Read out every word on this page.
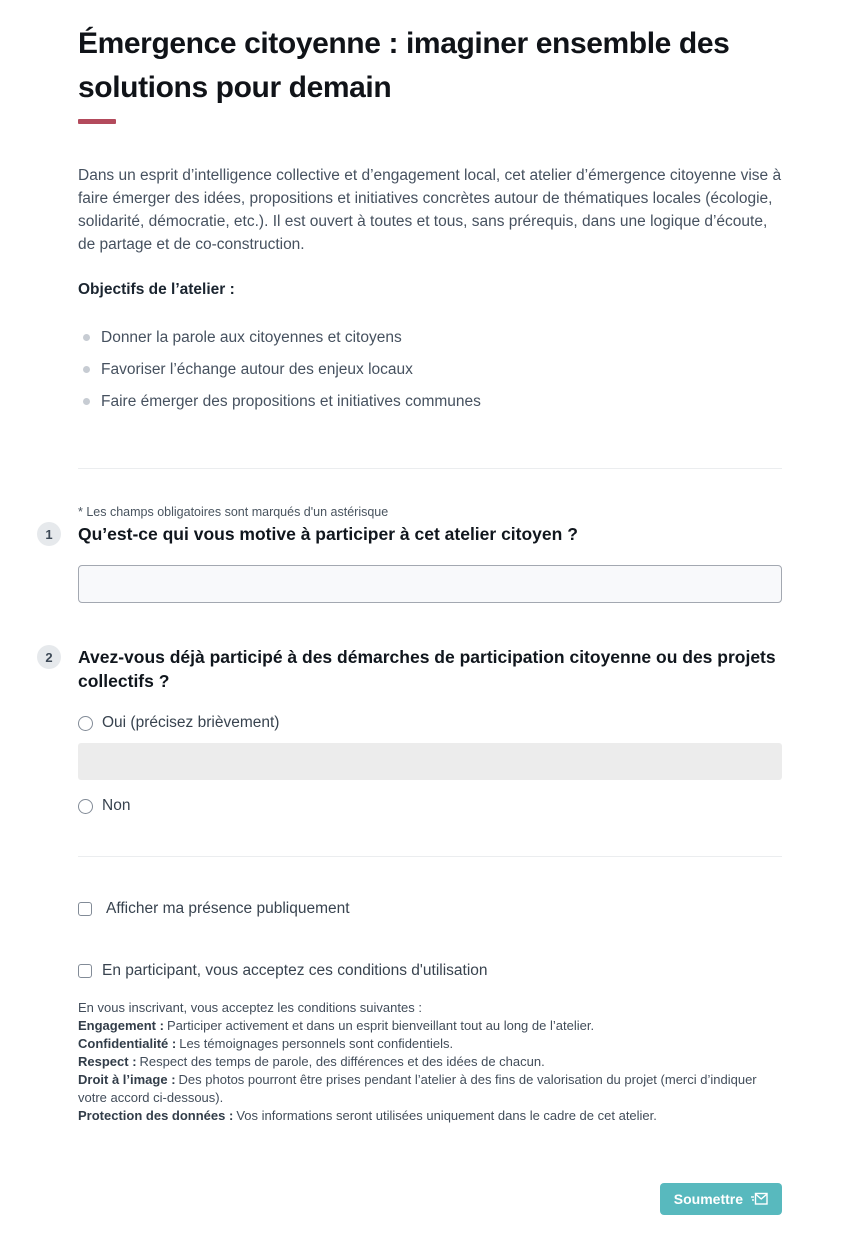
Émergence citoyenne : imaginer ensemble des solutions pour demain

Dans un esprit d’intelligence collective et d’engagement local, cet atelier d’émergence citoyenne vise à faire émerger des idées, propositions et initiatives concrètes autour de thématiques locales (écologie, solidarité, démocratie, etc.). Il est ouvert à toutes et tous, sans prérequis, dans une logique d’écoute, de partage et de co-construction.

Objectifs de l’atelier :

Donner la parole aux citoyennes et citoyens
Favoriser l’échange autour des enjeux locaux
Faire émerger des propositions et initiatives communes

* Les champs obligatoires sont marqués d'un astérisque

1	Qu’est-ce qui vous motive à participer à cet atelier citoyen ?
2	Avez-vous déjà participé à des démarches de participation citoyenne ou des projets collectifs ?
Oui (précisez brièvement)
Non
Afficher ma présence publiquement
En participant, vous acceptez ces conditions d'utilisation
En vous inscrivant, vous acceptez les conditions suivantes :
Engagement : Participer activement et dans un esprit bienveillant tout au long de l’atelier.
Confidentialité : Les témoignages personnels sont confidentiels.
Respect : Respect des temps de parole, des différences et des idées de chacun.
Droit à l’image : Des photos pourront être prises pendant l’atelier à des fins de valorisation du projet (merci d’indiquer votre accord ci-dessous).
Protection des données : Vos informations seront utilisées uniquement dans le cadre de cet atelier.
Soumettre
